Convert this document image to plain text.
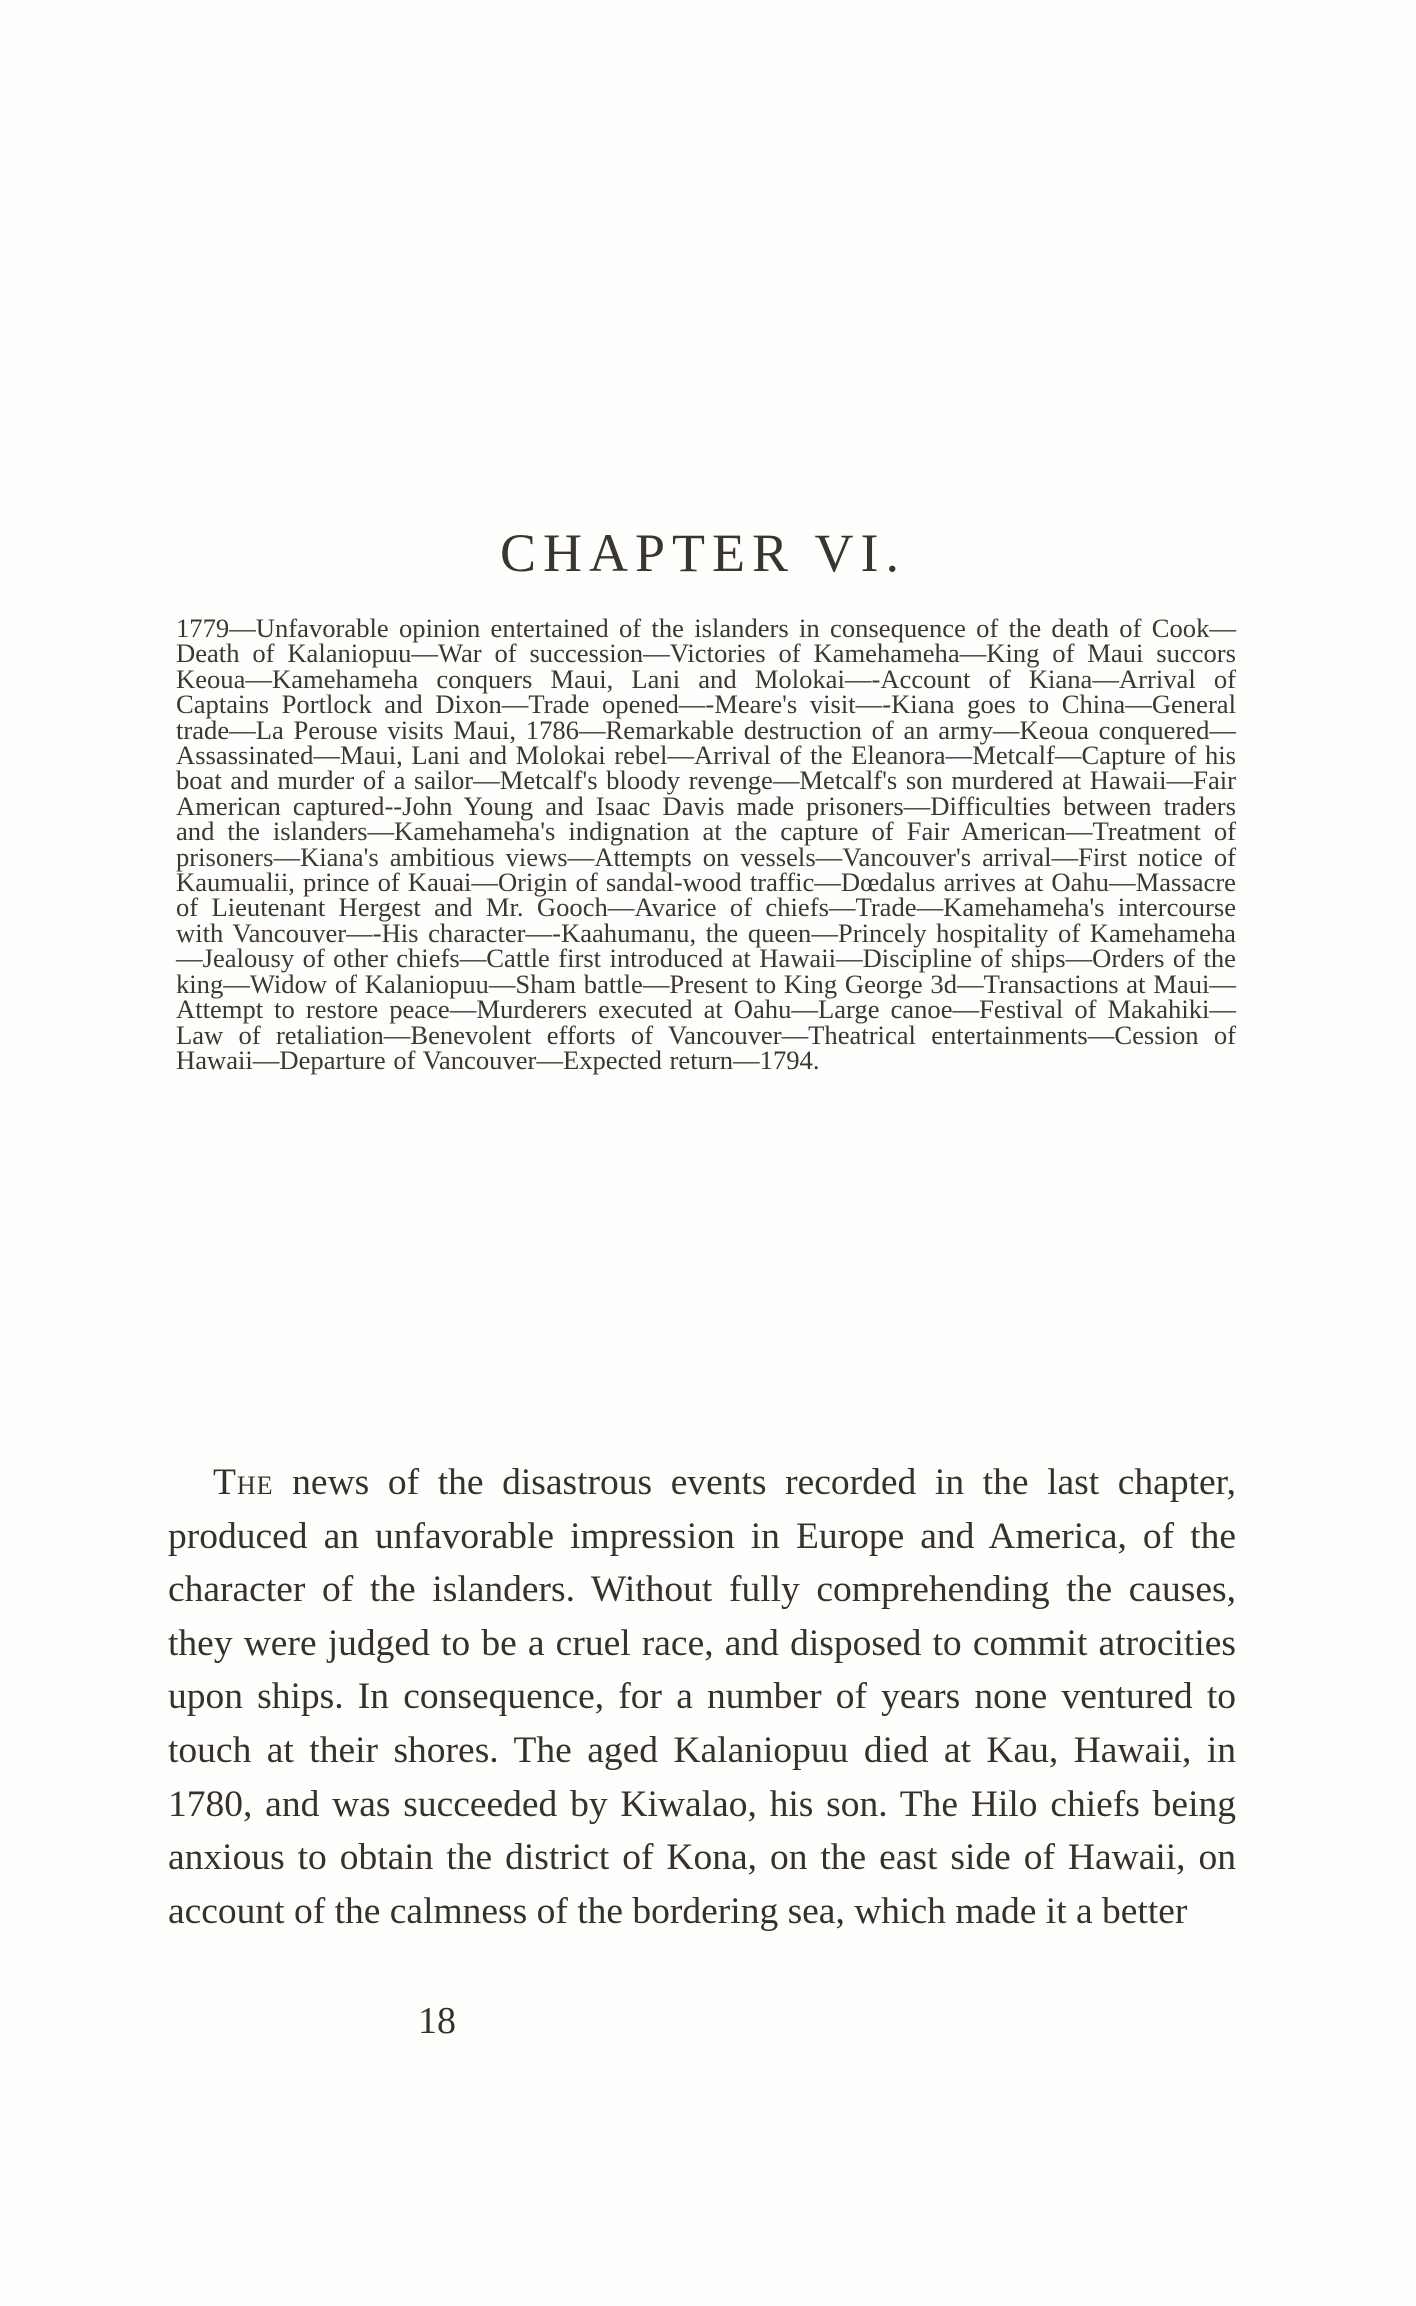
CHAPTER VI.

1779—Unfavorable opinion entertained of the islanders in consequence of the death of Cook—Death of Kalaniopuu—War of succession—Victories of Kamehameha—King of Maui succors Keoua—Kamehameha conquers Maui, Lani and Molokai—-Account of Kiana—Arrival of Captains Portlock and Dixon—Trade opened—-Meare's visit—-Kiana goes to China—General trade—La Perouse visits Maui, 1786—Remarkable destruction of an army—Keoua conquered—Assassinated—Maui, Lani and Molokai rebel—Arrival of the Eleanora—Metcalf—Capture of his boat and murder of a sailor—Metcalf's bloody revenge—Metcalf's son murdered at Hawaii—Fair American captured--John Young and Isaac Davis made prisoners—Difficulties between traders and the islanders—Kamehameha's indignation at the capture of Fair American—Treatment of prisoners—Kiana's ambitious views—Attempts on vessels—Vancouver's arrival—First notice of Kaumualii, prince of Kauai—Origin of sandal-wood traffic—Dœdalus arrives at Oahu—Massacre of Lieutenant Hergest and Mr. Gooch—Avarice of chiefs—Trade—Kamehameha's intercourse with Vancouver—-His character—-Kaahumanu, the queen—Princely hospitality of Kamehameha—Jealousy of other chiefs—Cattle first introduced at Hawaii—Discipline of ships—Orders of the king—Widow of Kalaniopuu—Sham battle—Present to King George 3d—Transactions at Maui—Attempt to restore peace—Murderers executed at Oahu—Large canoe—Festival of Makahiki—Law of retaliation—Benevolent efforts of Vancouver—Theatrical entertainments—Cession of Hawaii—Departure of Vancouver—Expected return—1794.

The news of the disastrous events recorded in the last chapter, produced an unfavorable impression in Europe and America, of the character of the islanders. Without fully comprehending the causes, they were judged to be a cruel race, and disposed to commit atrocities upon ships. In consequence, for a number of years none ventured to touch at their shores. The aged Kalaniopuu died at Kau, Hawaii, in 1780, and was succeeded by Kiwalao, his son. The Hilo chiefs being anxious to obtain the district of Kona, on the east side of Hawaii, on account of the calmness of the bordering sea, which made it a better

18
